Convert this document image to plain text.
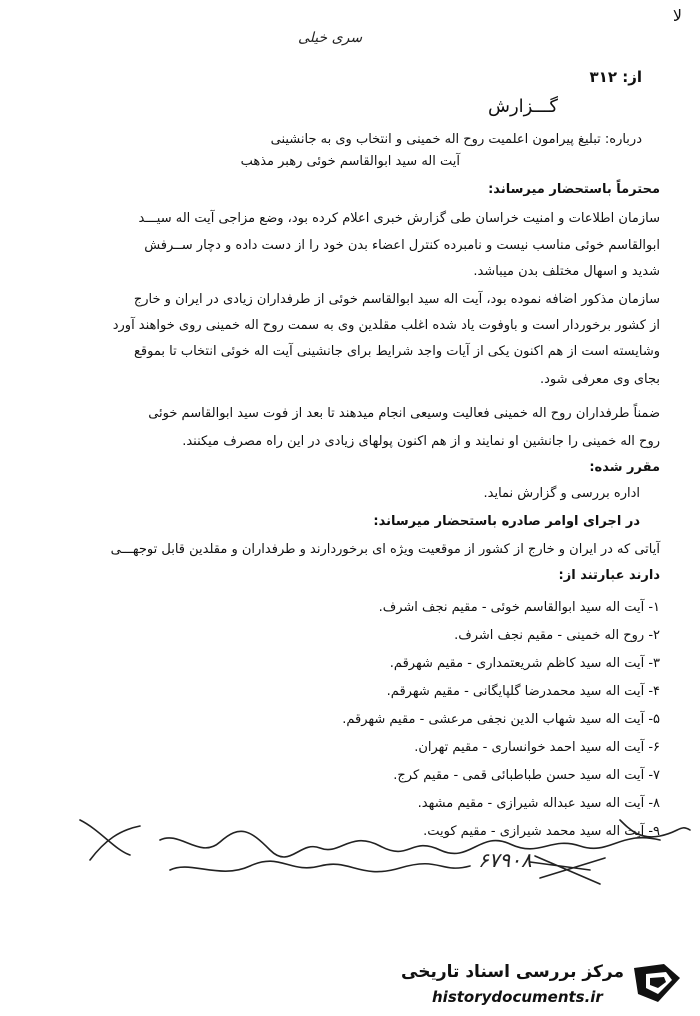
ﻻ
سری خیلی
از: ۳۱۲
گـــزارش
درباره: تبلیغ پیرامون اعلمیت روح اله خمینی و انتخاب وی به جانشینی
آیت اله سید ابوالقاسم خوئی رهبر مذهب
محترماً باستحضار میرساند:
سازمان اطلاعات و امنیت خراسان طی گزارش خبری اعلام کرده بود، وضع مزاجی آیت اله سیـــد
ابوالقاسم خوئی مناسب نیست و نامبرده کنترل اعضاء بدن خود را از دست داده و دچار ســرفش
شدید و اسهال مختلف بدن میباشد.
سازمان مذکور اضافه نموده بود، آیت اله سید ابوالقاسم خوئی از طرفداران زیادی در ایران و خارج
از کشور برخوردار است و باوفوت یاد شده اغلب مقلدین وی به سمت روح اله خمینی روی خواهند آورد
وشایسته است از هم اکنون یکی از آیات واجد شرایط برای جانشینی آیت اله خوئی انتخاب تا بموقع
بجای وی معرفی شود.
ضمناً طرفداران روح اله خمینی فعالیت وسیعی انجام میدهند تا بعد از فوت سید ابوالقاسم خوئی
روح اله خمینی را جانشین او نمایند و از هم اکنون پولهای زیادی در این راه مصرف میکنند.
مقرر شده:
اداره بررسی و گزارش نماید.
در اجرای اوامر صادره باستحضار میرساند:
آیاتی که در ایران و خارج از کشور از موقعیت ویژه ای برخوردارند و طرفداران و مقلدین قابل توجهـــی
دارند عبارتند از:
۱- آیت اله سید ابوالقاسم خوئی - مقیم نجف اشرف.
۲- روح اله خمینی - مقیم نجف اشرف.
۳- آیت اله سید کاظم شریعتمداری - مقیم شهرقم.
۴- آیت اله سید محمدرضا گلپایگانی - مقیم شهرقم.
۵- آیت اله سید شهاب الدین نجفی مرعشی - مقیم شهرقم.
۶- آیت اله سید احمد خوانساری - مقیم تهران.
۷- آیت اله سید حسن طباطبائی قمی - مقیم کرج.
۸- آیت اله سید عبداله شیرازی - مقیم مشهد.
۹- آیت اله سید محمد شیرازی - مقیم کویت.
۶۷۹۰۸
مرکز بررسی اسناد تاریخی
historydocuments.ir
